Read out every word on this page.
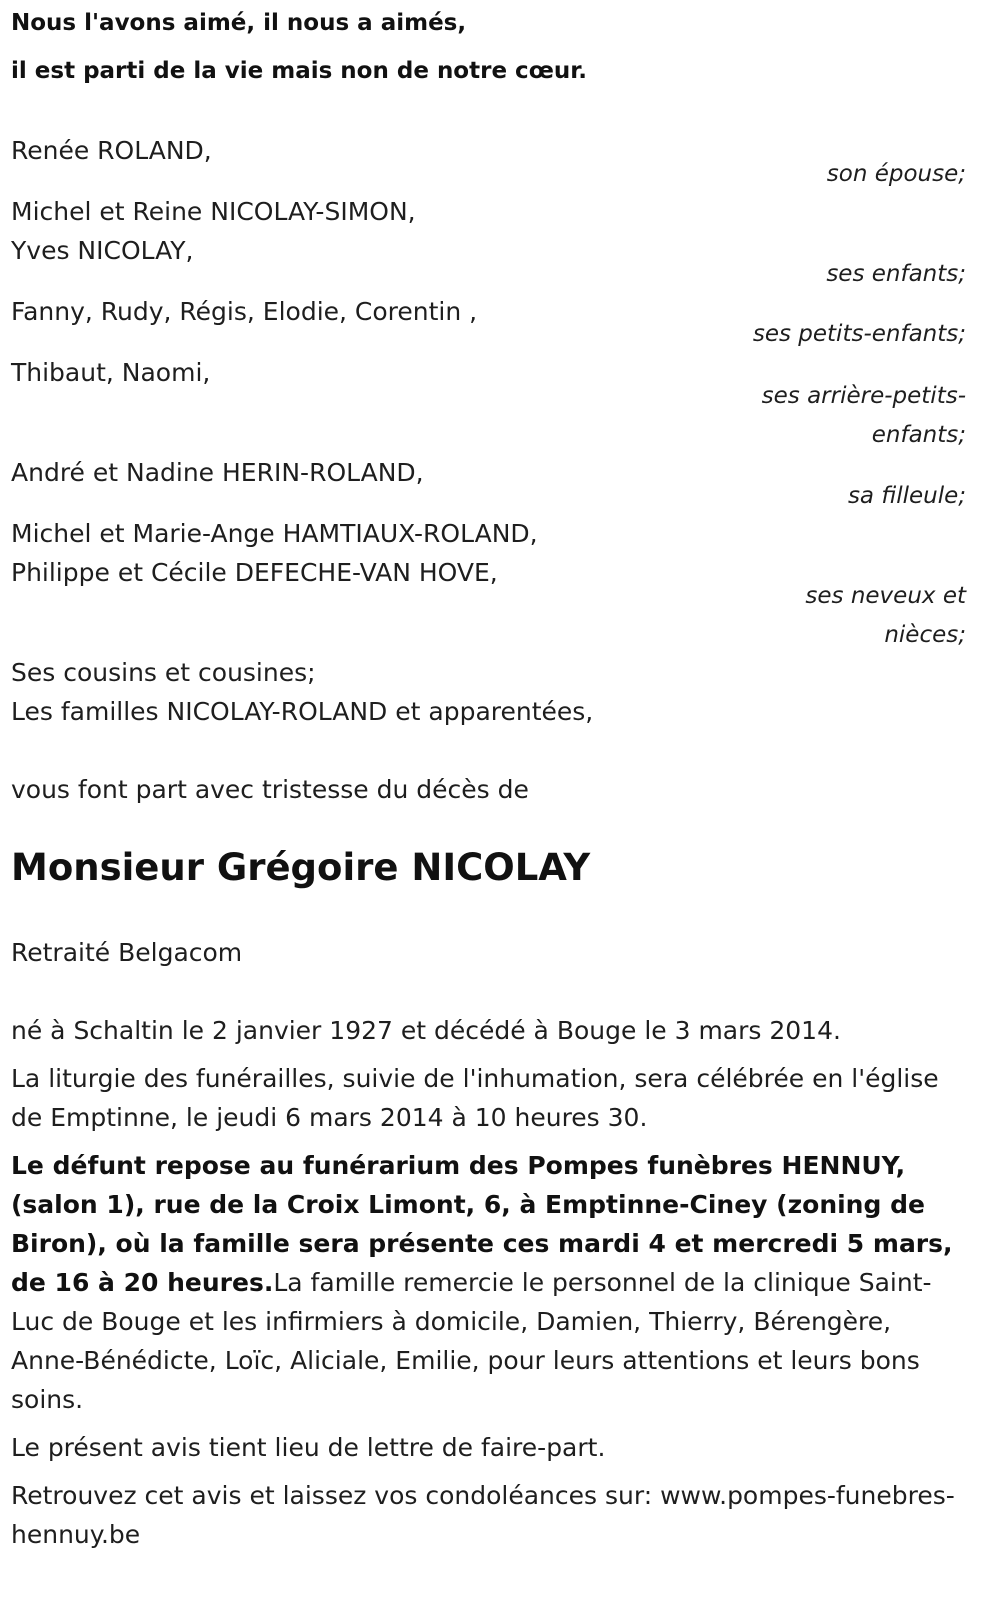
Nous l'avons aimé, il nous a aimés,
il est parti de la vie mais non de notre cœur.
Renée ROLAND,
Michel et Reine NICOLAY-SIMON,
Yves NICOLAY,
Fanny, Rudy, Régis, Elodie, Corentin ,
Thibaut, Naomi,
André et Nadine HERIN-ROLAND,
Michel et Marie-Ange HAMTIAUX-ROLAND,
Philippe et Cécile DEFECHE-VAN HOVE,
Ses cousins et cousines;
Les familles NICOLAY-ROLAND et apparentées,
son épouse;
ses enfants;
ses petits-enfants;
ses arrière-petits-
enfants;
sa filleule;
ses neveux et
nièces;
vous font part avec tristesse du décès de
Monsieur Grégoire NICOLAY
Retraité Belgacom

né à Schaltin le 2 janvier 1927 et décédé à Bouge le 3 mars 2014.

La liturgie des funérailles, suivie de l'inhumation, sera célébrée en l'église de Emptinne, le jeudi 6 mars 2014 à 10 heures 30.

Le défunt repose au funérarium des Pompes funèbres HENNUY, (salon 1), rue de la Croix Limont, 6, à Emptinne-Ciney (zoning de Biron), où la famille sera présente ces mardi 4 et mercredi 5 mars, de 16 à 20 heures.La famille remercie le personnel de la clinique Saint-Luc de Bouge et les infirmiers à domicile, Damien, Thierry, Bérengère, Anne-Bénédicte, Loïc, Aliciale, Emilie, pour leurs attentions et leurs bons soins.

Le présent avis tient lieu de lettre de faire-part.

Retrouvez cet avis et laissez vos condoléances sur: www.pompes-funebres-hennuy.be
